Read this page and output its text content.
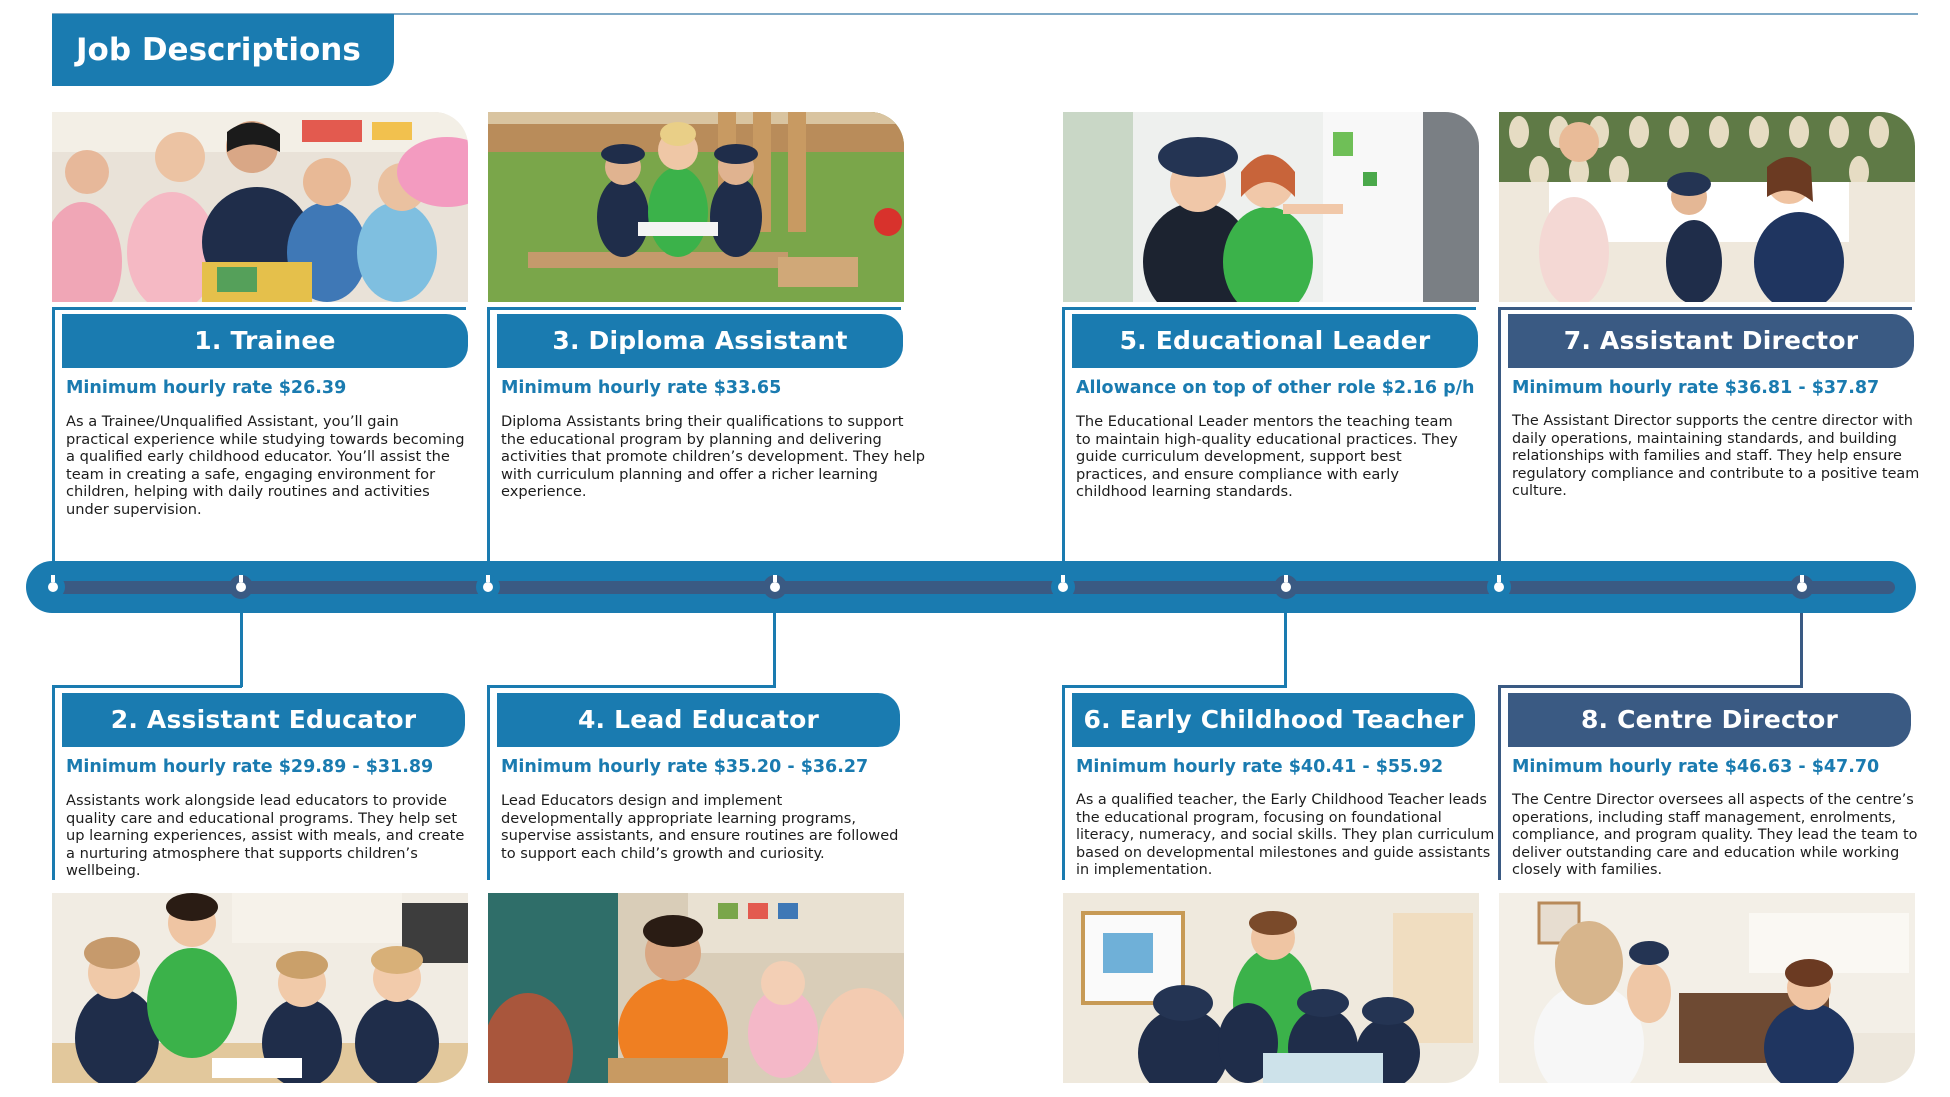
Job Descriptions
1. Trainee
Minimum hourly rate $26.39
As a Trainee/Unqualified Assistant, you’ll gain practical experience while studying towards becoming a qualified early childhood educator. You’ll assist the team in creating a safe, engaging environment for children, helping with daily routines and activities under supervision.
3. Diploma Assistant
Minimum hourly rate $33.65
Diploma Assistants bring their qualifications to support the educational program by planning and delivering activities that promote children’s development. They help with curriculum planning and offer a richer learning experience.
5. Educational Leader
Allowance on top of other role $2.16 p/h
The Educational Leader mentors the teaching team to maintain high-quality educational practices. They guide curriculum development, support best practices, and ensure compliance with early childhood learning standards.
7. Assistant Director
Minimum hourly rate $36.81 - $37.87
The Assistant Director supports the centre director with daily operations, maintaining standards, and building relationships with families and staff. They help ensure regulatory compliance and contribute to a positive team culture.
2. Assistant Educator
Minimum hourly rate $29.89 - $31.89
Assistants work alongside lead educators to provide quality care and educational programs. They help set up learning experiences, assist with meals, and create a nurturing atmosphere that supports children’s wellbeing.
4. Lead Educator
Minimum hourly rate $35.20 - $36.27
Lead Educators design and implement developmentally appropriate learning programs, supervise assistants, and ensure routines are followed to support each child’s growth and curiosity.
6. Early Childhood Teacher
Minimum hourly rate $40.41 - $55.92
As a qualified teacher, the Early Childhood Teacher leads the educational program, focusing on foundational literacy, numeracy, and social skills. They plan curriculum based on developmental milestones and guide assistants in implementation.
8. Centre Director
Minimum hourly rate $46.63 - $47.70
The Centre Director oversees all aspects of the centre’s operations, including staff management, enrolments, compliance, and program quality. They lead the team to deliver outstanding care and education while working closely with families.
